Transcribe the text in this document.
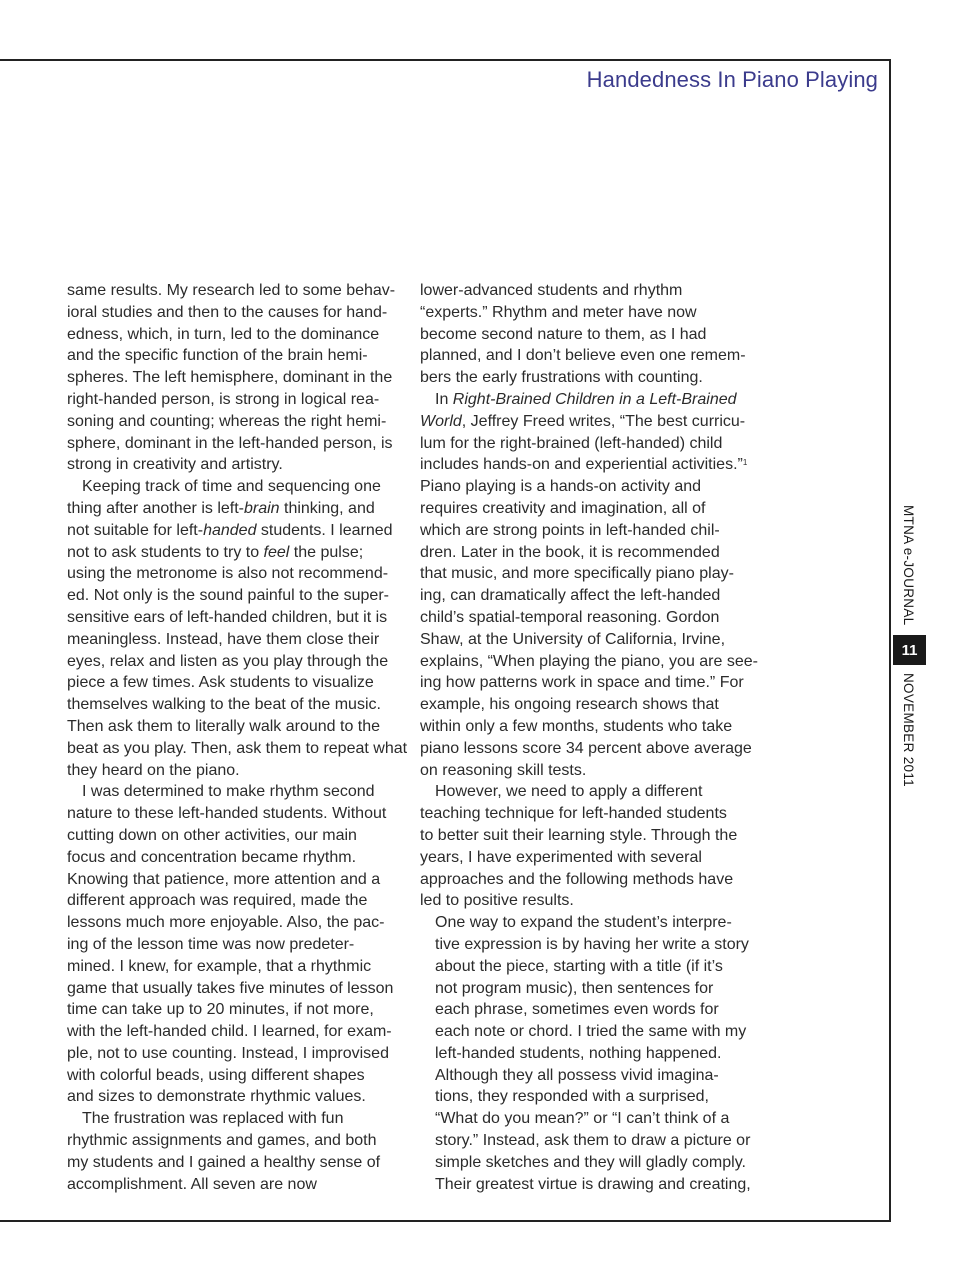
Handedness In Piano Playing
same results. My research led to some behav-
ioral studies and then to the causes for hand-
edness, which, in turn, led to the dominance
and the specific function of the brain hemi-
spheres. The left hemisphere, dominant in the
right-handed person, is strong in logical rea-
soning and counting; whereas the right hemi-
sphere, dominant in the left-handed person, is
strong in creativity and artistry.
Keeping track of time and sequencing one
thing after another is left-brain thinking, and
not suitable for left-handed students. I learned
not to ask students to try to feel the pulse;
using the metronome is also not recommend-
ed. Not only is the sound painful to the super-
sensitive ears of left-handed children, but it is
meaningless. Instead, have them close their
eyes, relax and listen as you play through the
piece a few times. Ask students to visualize
themselves walking to the beat of the music.
Then ask them to literally walk around to the
beat as you play. Then, ask them to repeat what
they heard on the piano.
I was determined to make rhythm second
nature to these left-handed students. Without
cutting down on other activities, our main
focus and concentration became rhythm.
Knowing that patience, more attention and a
different approach was required, made the
lessons much more enjoyable. Also, the pac-
ing of the lesson time was now predeter-
mined. I knew, for example, that a rhythmic
game that usually takes five minutes of lesson
time can take up to 20 minutes, if not more,
with the left-handed child. I learned, for exam-
ple, not to use counting. Instead, I improvised
with colorful beads, using different shapes
and sizes to demonstrate rhythmic values.
The frustration was replaced with fun
rhythmic assignments and games, and both
my students and I gained a healthy sense of
accomplishment. All seven are now
lower-advanced students and rhythm
“experts.” Rhythm and meter have now
become second nature to them, as I had
planned, and I don’t believe even one remem-
bers the early frustrations with counting.
In Right-Brained Children in a Left-Brained
World, Jeffrey Freed writes, “The best curricu-
lum for the right-brained (left-handed) child
includes hands-on and experiential activities.”$^1$
Piano playing is a hands-on activity and
requires creativity and imagination, all of
which are strong points in left-handed chil-
dren. Later in the book, it is recommended
that music, and more specifically piano play-
ing, can dramatically affect the left-handed
child’s spatial-temporal reasoning. Gordon
Shaw, at the University of California, Irvine,
explains, “When playing the piano, you are see-
ing how patterns work in space and time.” For
example, his ongoing research shows that
within only a few months, students who take
piano lessons score 34 percent above average
on reasoning skill tests.
However, we need to apply a different
teaching technique for left-handed students
to better suit their learning style. Through the
years, I have experimented with several
approaches and the following methods have
led to positive results.
One way to expand the student’s interpre-
tive expression is by having her write a story
about the piece, starting with a title (if it’s
not program music), then sentences for
each phrase, sometimes even words for
each note or chord. I tried the same with my
left-handed students, nothing happened.
Although they all possess vivid imagina-
tions, they responded with a surprised,
“What do you mean?” or “I can’t think of a
story.” Instead, ask them to draw a picture or
simple sketches and they will gladly comply.
Their greatest virtue is drawing and creating,
MTNA e-JOURNAL
11
NOVEMBER 2011
